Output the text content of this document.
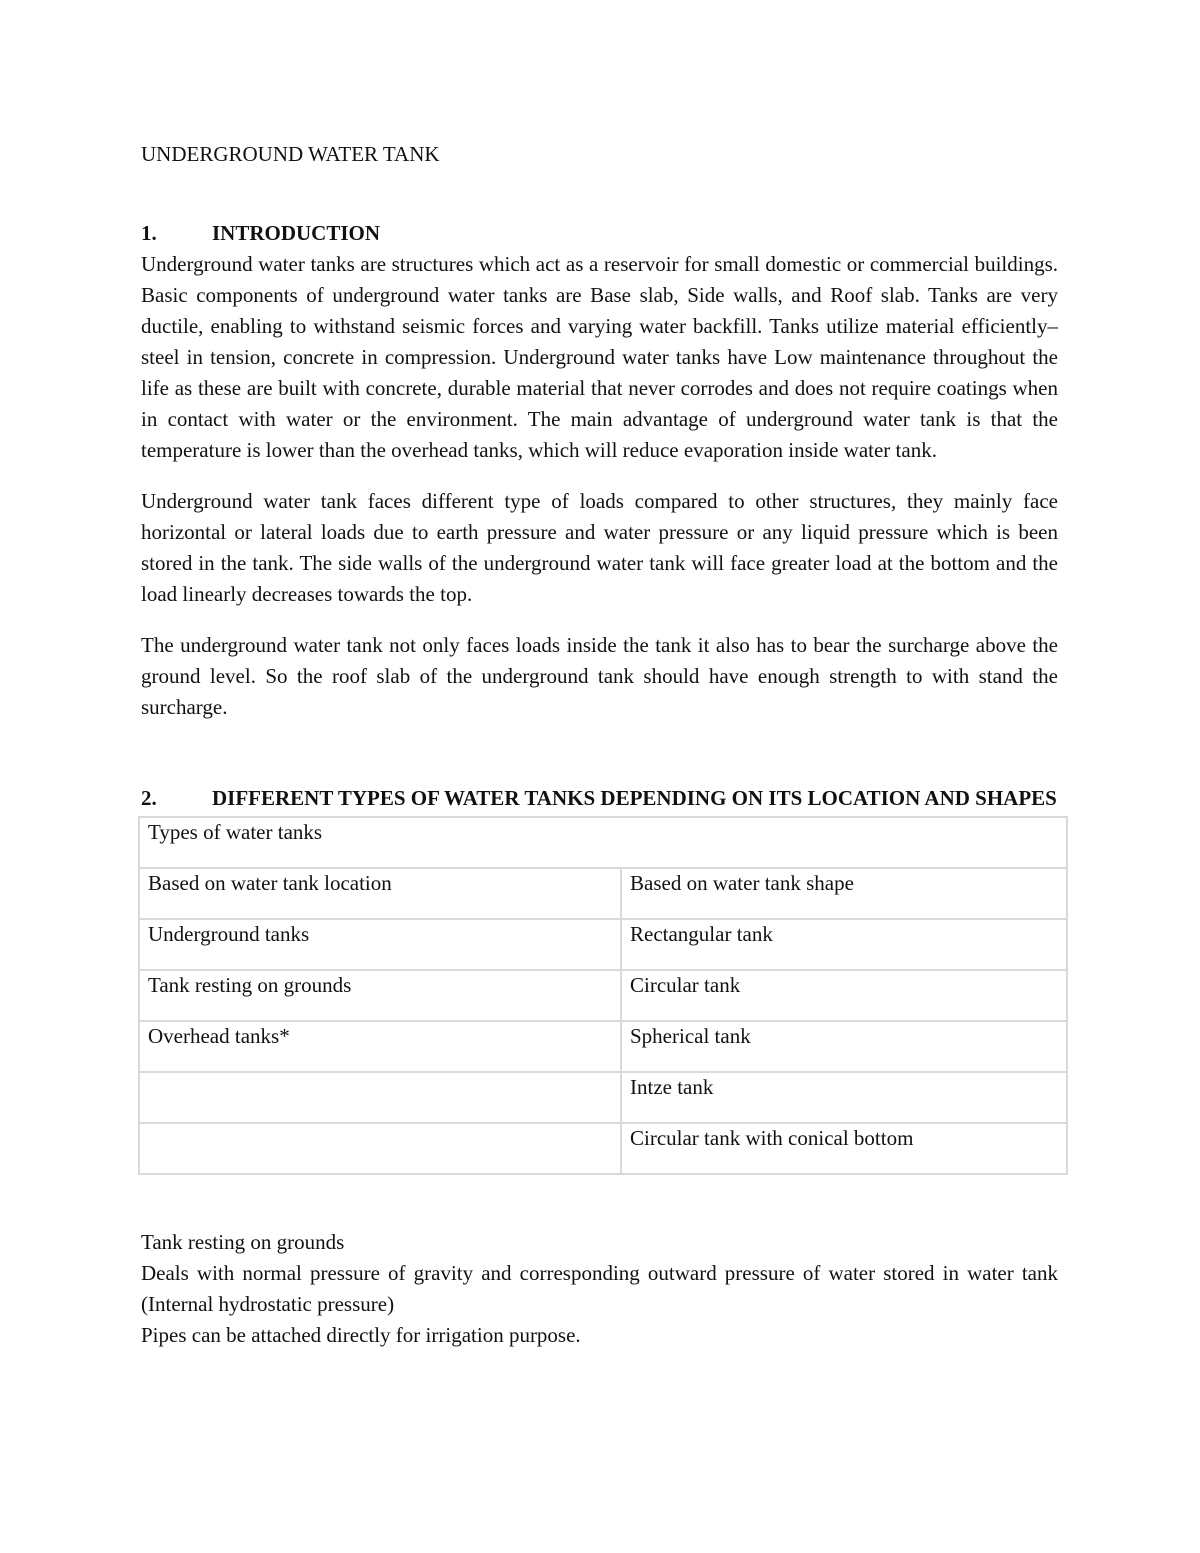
UNDERGROUND WATER TANK
1.	INTRODUCTION

Underground water tanks are structures which act as a reservoir for small domestic or commercial buildings. Basic components of underground water tanks are Base slab, Side walls, and Roof slab. Tanks are very ductile, enabling to withstand seismic forces and varying water backfill. Tanks utilize material efficiently–steel in tension, concrete in compression. Underground water tanks have Low maintenance throughout the life as these are built with concrete, durable material that never corrodes and does not require coatings when in contact with water or the environment. The main advantage of underground water tank is that the temperature is lower than the overhead tanks, which will reduce evaporation inside water tank.

Underground water tank faces different type of loads compared to other structures, they mainly face horizontal or lateral loads due to earth pressure and water pressure or any liquid pressure which is been stored in the tank. The side walls of the underground water tank will face greater load at the bottom and the load linearly decreases towards the top.

The underground water tank not only faces loads inside the tank it also has to bear the surcharge above the ground level. So the roof slab of the underground tank should have enough strength to with stand the surcharge.

2.	DIFFERENT TYPES OF WATER TANKS DEPENDING ON ITS LOCATION AND SHAPES
Types of water tanks	
Based on water tank location	Based on water tank shape
Underground tanks	Rectangular tank
Tank resting on grounds	Circular tank
Overhead tanks*	Spherical tank
	Intze tank
	Circular tank with conical bottom

Tank resting on grounds

Deals with normal pressure of gravity and corresponding outward pressure of water stored in water tank (Internal hydrostatic pressure)

Pipes can be attached directly for irrigation purpose.
